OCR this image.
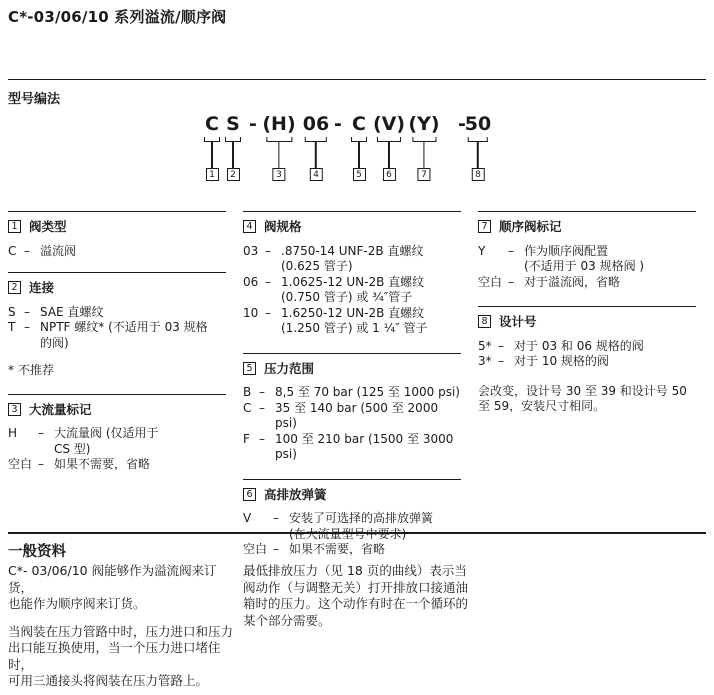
C*-03/06/10 系列溢流/顺序阀
型号编法
C
1
S
2
- (H)
3
06
4
- C
5
(V)
6
(Y)
7
-
50
8
1 阀类型
C – 溢流阀
2 连接
S – SAE 直螺纹
T – NPTF 螺纹* (不适用于 03 规格
的阀)
* 不推荐
3 大流量标记
H	– 大流量阀 (仅适用于
CS 型)
空白 – 如果不需要，省略
4 阀规格
03 – .8750-14 UNF-2B 直螺纹
(0.625 管子)
06 – 1.0625-12 UN-2B 直螺纹
(0.750 管子) 或 ³⁄₄″管子
10 – 1.6250-12 UN-2B 直螺纹
(1.250 管子) 或 1 ¹⁄₄″ 管子
5 压力范围
B – 8,5 至 70 bar (125 至 1000 psi)
C – 35 至 140 bar (500 至 2000 psi)
F – 100 至 210 bar (1500 至 3000 psi)
6 高排放弹簧
V	– 安装了可选择的高排放弹簧
(在大流量型号中要求)
空白 – 如果不需要，省略
7 顺序阀标记
Y	– 作为顺序阀配置
(不适用于 03 规格阀 )
空白 – 对于溢流阀，省略
8 设计号
5* – 对于 03 和 06 规格的阀
3* – 对于 10 规格的阀
会改变，设计号 30 至 39 和设计号 50
至 59，安装尺寸相同。
一般资料
C*- 03/06/10 阀能够作为溢流阀来订货，
也能作为顺序阀来订货。
当阀装在压力管路中时，压力进口和压力
出口能互换使用，当一个压力进口堵住时，
可用三通接头将阀装在压力管路上。
最低排放压力（见 18 页的曲线）表示当
阀动作（与调整无关）打开排放口接通油
箱时的压力。这个动作有时在一个循环的
某个部分需要。
